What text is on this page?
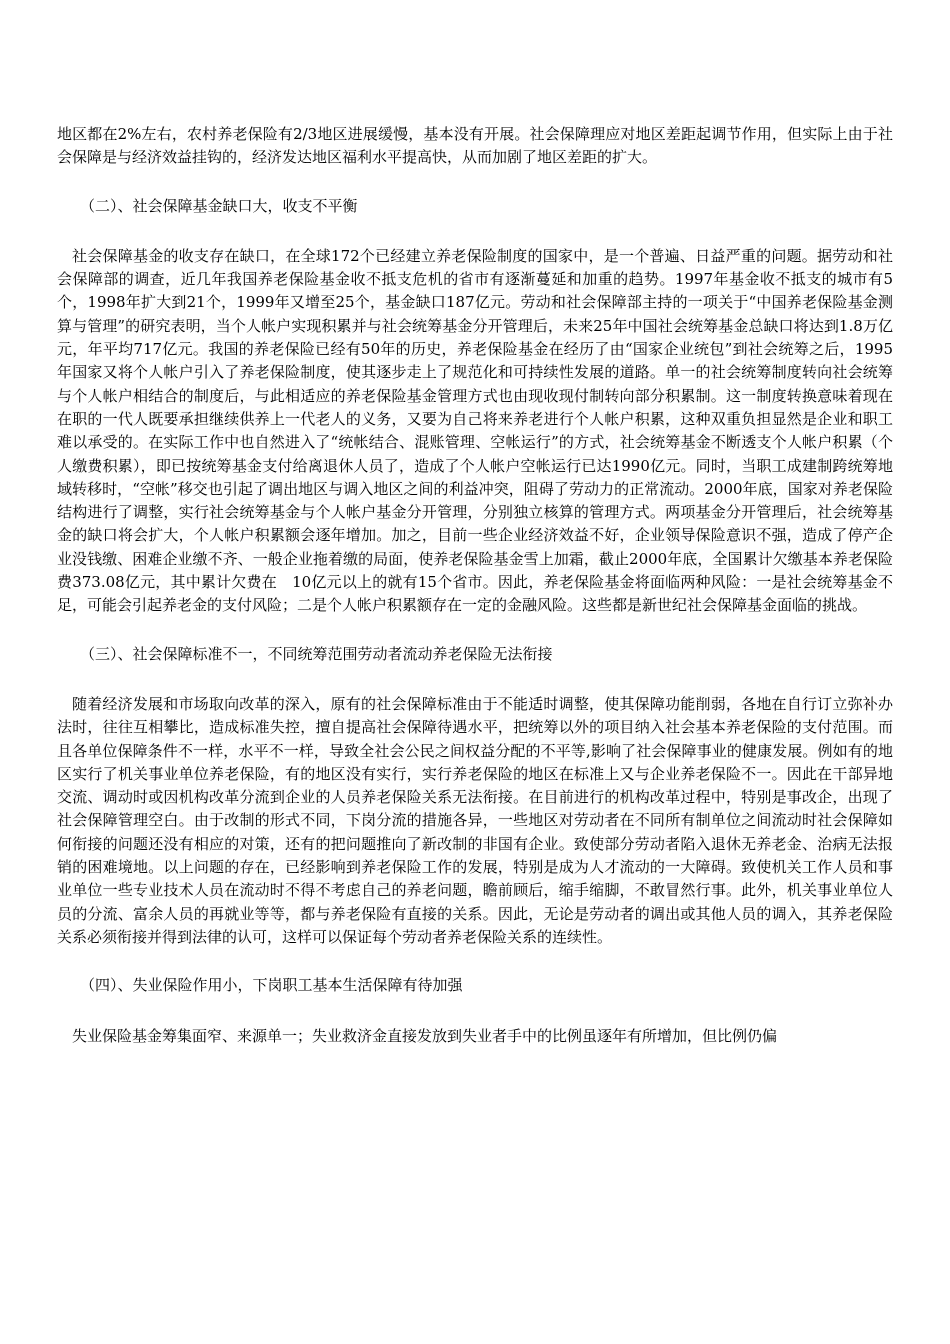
地区都在2%左右，农村养老保险有2/3地区进展缓慢，基本没有开展。社会保障理应对地区差距起调节作用，但实际上由于社会保障是与经济效益挂钩的，经济发达地区福利水平提高快，从而加剧了地区差距的扩大。

（二）、社会保障基金缺口大，收支不平衡

社会保障基金的收支存在缺口，在全球172个已经建立养老保险制度的国家中，是一个普遍、日益严重的问题。据劳动和社会保障部的调查，近几年我国养老保险基金收不抵支危机的省市有逐渐蔓延和加重的趋势。1997年基金收不抵支的城市有5个，1998年扩大到21个，1999年又增至25个，基金缺口187亿元。劳动和社会保障部主持的一项关于“中国养老保险基金测算与管理”的研究表明，当个人帐户实现积累并与社会统筹基金分开管理后，未来25年中国社会统筹基金总缺口将达到1.8万亿元，年平均717亿元。我国的养老保险已经有50年的历史，养老保险基金在经历了由“国家企业统包”到社会统筹之后，1995年国家又将个人帐户引入了养老保险制度，使其逐步走上了规范化和可持续性发展的道路。单一的社会统筹制度转向社会统筹与个人帐户相结合的制度后，与此相适应的养老保险基金管理方式也由现收现付制转向部分积累制。这一制度转换意味着现在在职的一代人既要承担继续供养上一代老人的义务，又要为自己将来养老进行个人帐户积累，这种双重负担显然是企业和职工难以承受的。在实际工作中也自然进入了“统帐结合、混账管理、空帐运行”的方式，社会统筹基金不断透支个人帐户积累（个人缴费积累），即已按统筹基金支付给离退休人员了，造成了个人帐户空帐运行已达1990亿元。同时，当职工成建制跨统筹地域转移时，“空帐”移交也引起了调出地区与调入地区之间的利益冲突，阻碍了劳动力的正常流动。2000年底，国家对养老保险结构进行了调整，实行社会统筹基金与个人帐户基金分开管理，分别独立核算的管理方式。两项基金分开管理后，社会统筹基金的缺口将会扩大，个人帐户积累额会逐年增加。加之，目前一些企业经济效益不好，企业领导保险意识不强，造成了停产企业没钱缴、困难企业缴不齐、一般企业拖着缴的局面，使养老保险基金雪上加霜，截止2000年底，全国累计欠缴基本养老保险费373.08亿元，其中累计欠费在　10亿元以上的就有15个省市。因此，养老保险基金将面临两种风险：一是社会统筹基金不足，可能会引起养老金的支付风险；二是个人帐户积累额存在一定的金融风险。这些都是新世纪社会保障基金面临的挑战。

（三）、社会保障标准不一，不同统筹范围劳动者流动养老保险无法衔接

随着经济发展和市场取向改革的深入，原有的社会保障标准由于不能适时调整，使其保障功能削弱，各地在自行订立弥补办法时，往往互相攀比，造成标准失控，擅自提高社会保障待遇水平，把统筹以外的项目纳入社会基本养老保险的支付范围。而且各单位保障条件不一样，水平不一样，导致全社会公民之间权益分配的不平等,影响了社会保障事业的健康发展。例如有的地区实行了机关事业单位养老保险，有的地区没有实行，实行养老保险的地区在标准上又与企业养老保险不一。因此在干部异地交流、调动时或因机构改革分流到企业的人员养老保险关系无法衔接。在目前进行的机构改革过程中，特别是事改企，出现了社会保障管理空白。由于改制的形式不同，下岗分流的措施各异，一些地区对劳动者在不同所有制单位之间流动时社会保障如何衔接的问题还没有相应的对策，还有的把问题推向了新改制的非国有企业。致使部分劳动者陷入退休无养老金、治病无法报销的困难境地。以上问题的存在，已经影响到养老保险工作的发展，特别是成为人才流动的一大障碍。致使机关工作人员和事业单位一些专业技术人员在流动时不得不考虑自己的养老问题，瞻前顾后，缩手缩脚，不敢冒然行事。此外，机关事业单位人员的分流、富余人员的再就业等等，都与养老保险有直接的关系。因此，无论是劳动者的调出或其他人员的调入，其养老保险关系必须衔接并得到法律的认可，这样可以保证每个劳动者养老保险关系的连续性。

（四）、失业保险作用小，下岗职工基本生活保障有待加强

失业保险基金筹集面窄、来源单一；失业救济金直接发放到失业者手中的比例虽逐年有所增加，但比例仍偏
